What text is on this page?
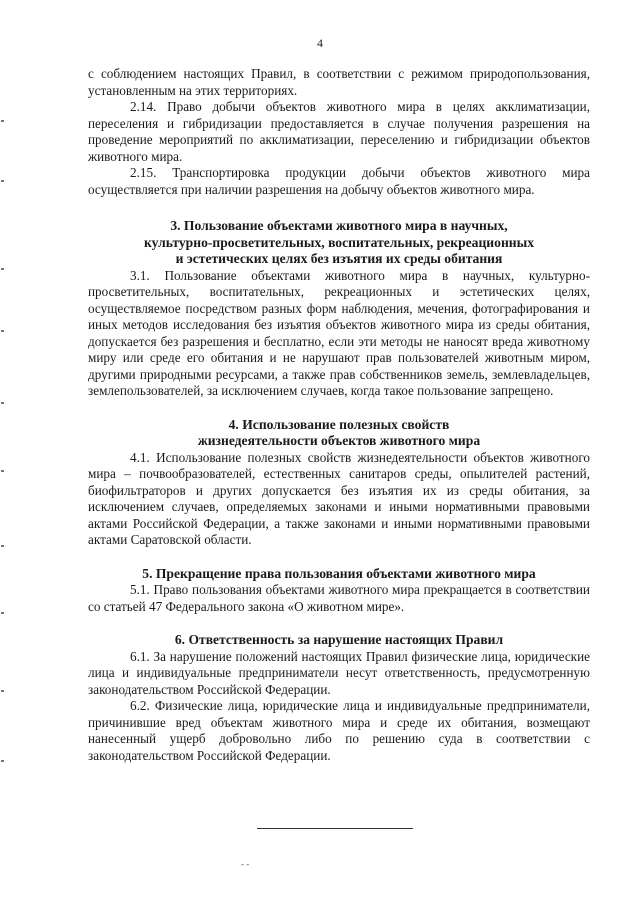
4

с соблюдением настоящих Правил, в соответствии с режимом природопользования, установленным на этих территориях.

2.14. Право добычи объектов животного мира в целях акклиматизации, переселения и гибридизации предоставляется в случае получения разрешения на проведение мероприятий по акклиматизации, переселению и гибридизации объектов животного мира.

2.15. Транспортировка продукции добычи объектов животного мира осуществляется при наличии разрешения на добычу объектов животного мира.

3. Пользование объектами животного мира в научных,
культурно-просветительных, воспитательных, рекреационных
и эстетических целях без изъятия их среды обитания

3.1. Пользование объектами животного мира в научных, культурно-просветительных, воспитательных, рекреационных и эстетических целях, осуществляемое посредством разных форм наблюдения, мечения, фотографирования и иных методов исследования без изъятия объектов животного мира из среды обитания, допускается без разрешения и бесплатно, если эти методы не наносят вреда животному миру или среде его обитания и не нарушают прав пользователей животным миром, другими природными ресурсами, а также прав собственников земель, землевладельцев, землепользователей, за исключением случаев, когда такое пользование запрещено.

4. Использование полезных свойств
жизнедеятельности объектов животного мира

4.1. Использование полезных свойств жизнедеятельности объектов животного мира – почвообразователей, естественных санитаров среды, опылителей растений, биофильтраторов и других допускается без изъятия их из среды обитания, за исключением случаев, определяемых законами и иными нормативными правовыми актами Российской Федерации, а также законами и иными нормативными правовыми актами Саратовской области.

5. Прекращение права пользования объектами животного мира

5.1. Право пользования объектами животного мира прекращается в соответствии со статьей 47 Федерального закона «О животном мире».

6. Ответственность за нарушение настоящих Правил

6.1. За нарушение положений настоящих Правил физические лица, юридические лица и индивидуальные предприниматели несут ответственность, предусмотренную законодательством Российской Федерации.

6.2. Физические лица, юридические лица и индивидуальные предприниматели, причинившие вред объектам животного мира и среде их обитания, возмещают нанесенный ущерб добровольно либо по решению суда в соответствии с законодательством Российской Федерации.

- -
